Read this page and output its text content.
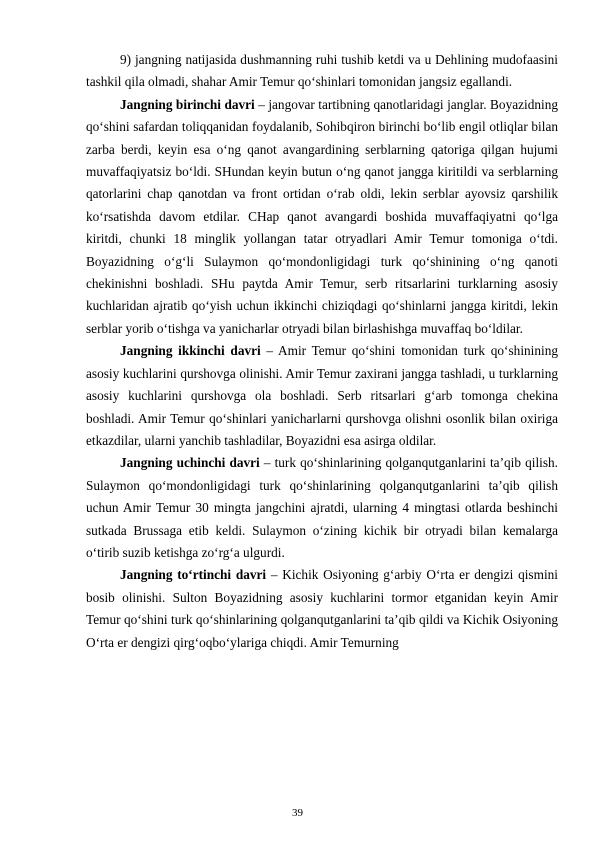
9) jangning natijasida dushmanning ruhi tushib ketdi va u Dehlining mudofaasini tashkil qila olmadi, shahar Amir Temur qo‘shinlari tomonidan jangsiz egallandi.

Jangning birinchi davri – jangovar tartibning qanotlaridagi janglar. Boyazidning qo‘shini safardan toliqqanidan foydalanib, Sohibqiron birinchi bo‘lib engil otliqlar bilan zarba berdi, keyin esa o‘ng qanot avangardining serblarning qatoriga qilgan hujumi muvaffaqiyatsiz bo‘ldi. SHundan keyin butun o‘ng qanot jangga kiritildi va serblarning qatorlarini chap qanotdan va front ortidan o‘rab oldi, lekin serblar ayovsiz qarshilik ko‘rsatishda davom etdilar. CHap qanot avangardi boshida muvaffaqiyatni qo‘lga kiritdi, chunki 18 minglik yollangan tatar otryadlari Amir Temur tomoniga o‘tdi. Boyazidning o‘g‘li Sulaymon qo‘mondonligidagi turk qo‘shinining o‘ng qanoti chekinishni boshladi. SHu paytda Amir Temur, serb ritsarlarini turklarning asosiy kuchlaridan ajratib qo‘yish uchun ikkinchi chiziqdagi qo‘shinlarni jangga kiritdi, lekin serblar yorib o‘tishga va yanicharlar otryadi bilan birlashishga muvaffaq bo‘ldilar.

Jangning ikkinchi davri – Amir Temur qo‘shini tomonidan turk qo‘shinining asosiy kuchlarini qurshovga olinishi. Amir Temur zaxirani jangga tashladi, u turklarning asosiy kuchlarini qurshovga ola boshladi. Serb ritsarlari g‘arb tomonga chekina boshladi. Amir Temur qo‘shinlari yanicharlarni qurshovga olishni osonlik bilan oxiriga etkazdilar, ularni yanchib tashladilar, Boyazidni esa asirga oldilar.

Jangning uchinchi davri – turk qo‘shinlarining qolganqutganlarini ta’qib qilish. Sulaymon qo‘mondonligidagi turk qo‘shinlarining qolganqutganlarini ta’qib qilish uchun Amir Temur 30 mingta jangchini ajratdi, ularning 4 mingtasi otlarda beshinchi sutkada Brussaga etib keldi. Sulaymon o‘zining kichik bir otryadi bilan kemalarga o‘tirib suzib ketishga zo‘rg‘a ulgurdi.

Jangning to‘rtinchi davri – Kichik Osiyoning g‘arbiy O‘rta er dengizi qismini bosib olinishi. Sulton Boyazidning asosiy kuchlarini tormor etganidan keyin Amir Temur qo‘shini turk qo‘shinlarining qolganqutganlarini ta’qib qildi va Kichik Osiyoning O‘rta er dengizi qirg‘oqbo‘ylariga chiqdi. Amir Temurning

39
